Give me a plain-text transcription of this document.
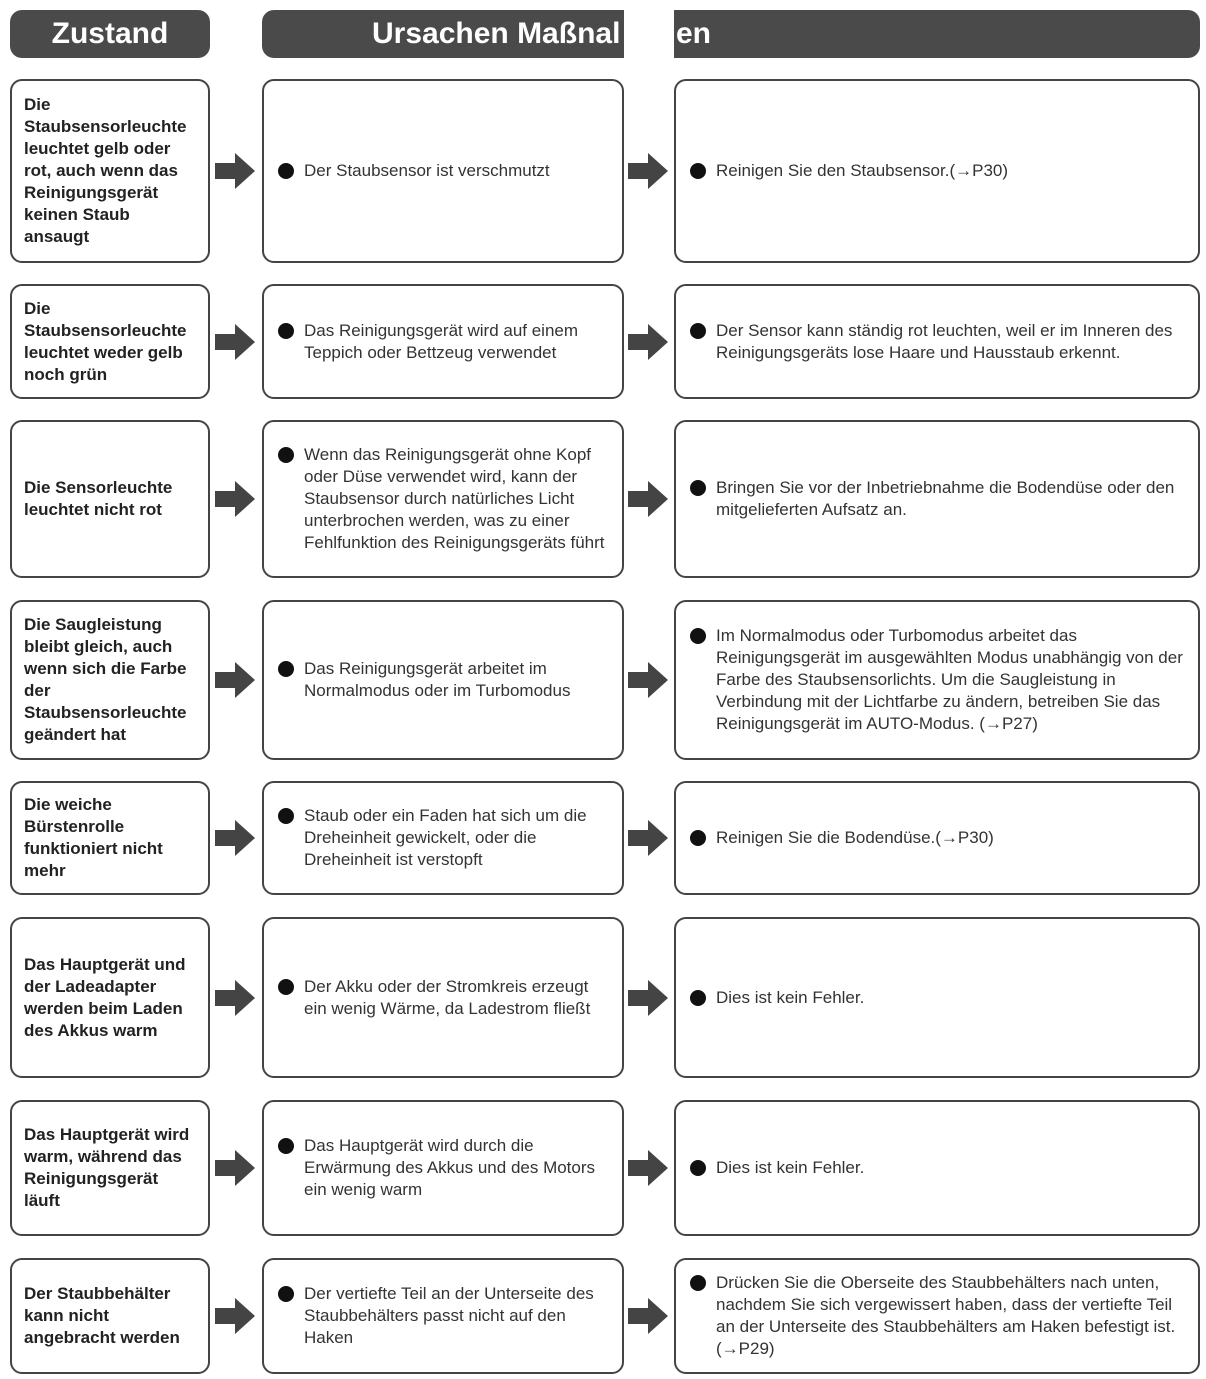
Zustand	Ursachen Maßnal en
Die Staubsensorleuchte leuchtet gelb oder rot, auch wenn das Reinigungsgerät keinen Staub ansaugt
Der Staubsensor ist verschmutzt	Reinigen Sie den Staubsensor.(→P30)
Die Staubsensorleuchte leuchtet weder gelb noch grün
Das Reinigungsgerät wird auf einem Teppich oder Bettzeug verwendet
Der Sensor kann ständig rot leuchten, weil er im Inneren des Reinigungsgeräts lose Haare und Hausstaub erkennt.
Die Sensorleuchte leuchtet nicht rot
Wenn das Reinigungsgerät ohne Kopf oder Düse verwendet wird, kann der Staubsensor durch natürliches Licht unterbrochen werden, was zu einer Fehlfunktion des Reinigungsgeräts führt
Bringen Sie vor der Inbetriebnahme die Bodendüse oder den mitgelieferten Aufsatz an.
Die Saugleistung bleibt gleich, auch wenn sich die Farbe der Staubsensorleuchte geändert hat
Das Reinigungsgerät arbeitet im Normalmodus oder im Turbomodus
Im Normalmodus oder Turbomodus arbeitet das Reinigungsgerät im ausgewählten Modus unabhängig von der Farbe des Staubsensorlichts. Um die Saugleistung in Verbindung mit der Lichtfarbe zu ändern, betreiben Sie das Reinigungsgerät im AUTO-Modus. (→P27)
Die weiche Bürstenrolle funktioniert nicht mehr
Staub oder ein Faden hat sich um die Dreheinheit gewickelt, oder die Dreheinheit ist verstopft
Reinigen Sie die Bodendüse.(→P30)
Das Hauptgerät und der Ladeadapter werden beim Laden des Akkus warm
Der Akku oder der Stromkreis erzeugt ein wenig Wärme, da Ladestrom fließt
Dies ist kein Fehler.
Das Hauptgerät wird warm, während das Reinigungsgerät läuft
Das Hauptgerät wird durch die Erwärmung des Akkus und des Motors ein wenig warm
Dies ist kein Fehler.
Der Staubbehälter kann nicht angebracht werden
Der vertiefte Teil an der Unterseite des Staubbehälters passt nicht auf den Haken
Drücken Sie die Oberseite des Staubbehälters nach unten, nachdem Sie sich vergewissert haben, dass der vertiefte Teil an der Unterseite des Staubbehälters am Haken befestigt ist. (→P29)
